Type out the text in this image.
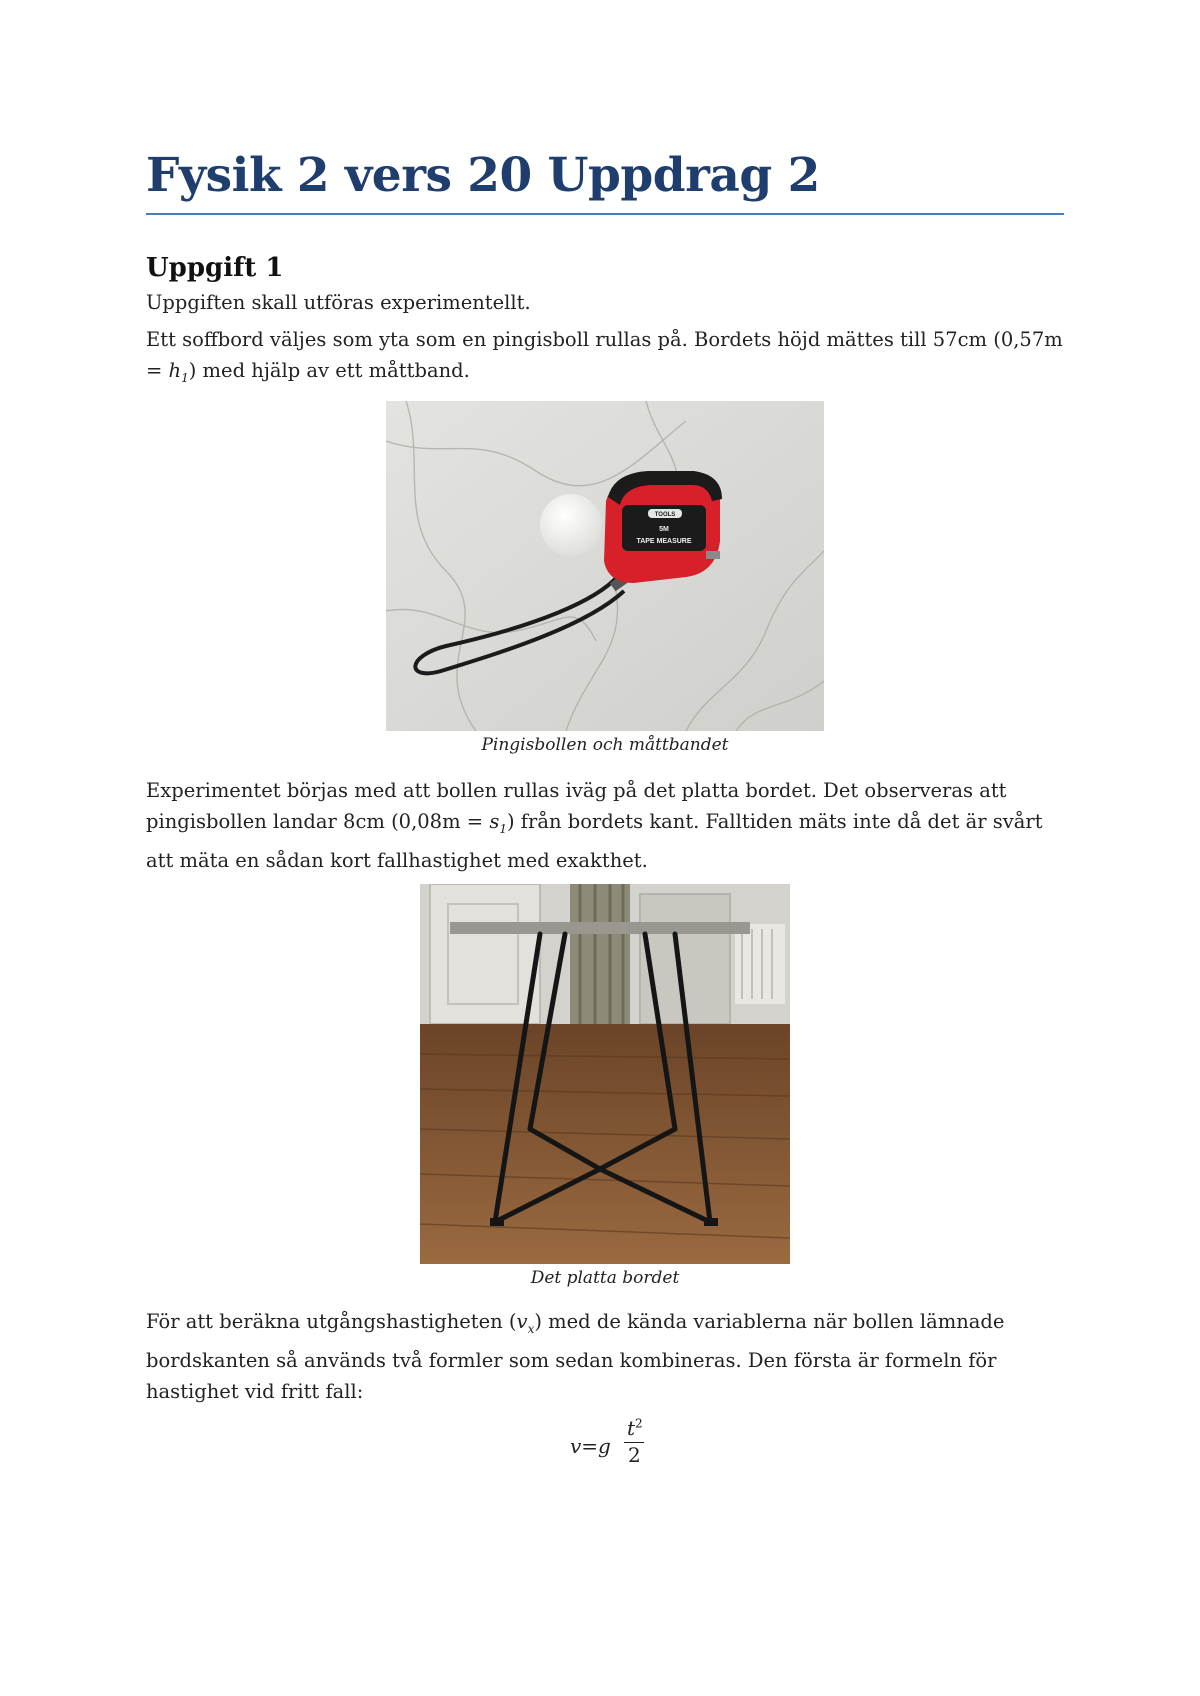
Fysik 2 vers 20 Uppdrag 2
Uppgift 1

Uppgiften skall utföras experimentellt.

Ett soffbord väljes som yta som en pingisboll rullas på. Bordets höjd mättes till 57cm $(0,57m = h_1)$ med hjälp av ett måttband.

TOOLS
5M
TAPE MEASURE
Pingisbollen och måttbandet

Experimentet börjas med att bollen rullas iväg på det platta bordet. Det observeras att pingisbollen landar 8cm $(0,08m = s_1)$ från bordets kant. Falltiden mäts inte då det är svårt att mäta en sådan kort fallhastighet med exakthet.

Det platta bordet

För att beräkna utgångshastigheten $(v_x)$ med de kända variablerna när bollen lämnade bordskanten så används två formler som sedan kombineras. Den första är formeln för hastighet vid fritt fall:

v=g
$t^2$
2
